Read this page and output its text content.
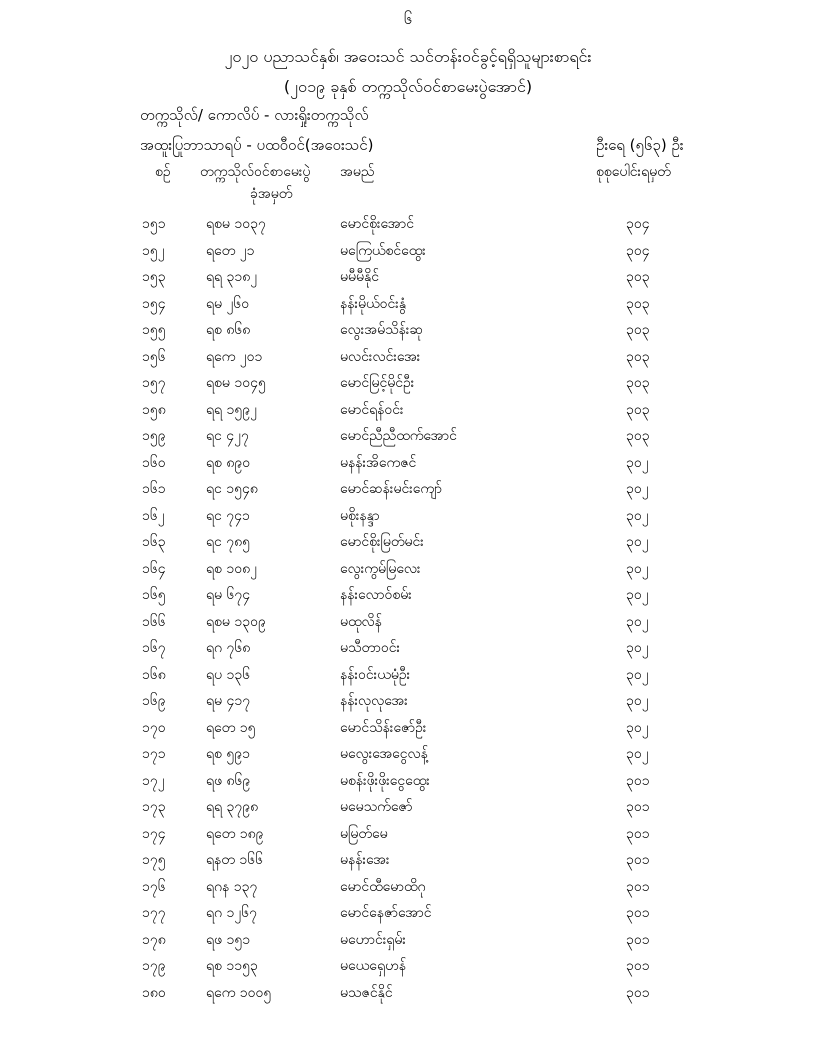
၆
၂၀၂၀ ပညာသင်နှစ်၊ အဝေးသင် သင်တန်းဝင်ခွင့်ရရှိသူများစာရင်း
(၂၀၁၉ ခုနှစ် တက္ကသိုလ်ဝင်စာမေးပွဲအောင်)
တက္ကသိုလ်/ ကောလိပ် - လားရှိုးတက္ကသိုလ်
အထူးပြုဘာသာရပ် - ပထဝီဝင်(အဝေးသင်)	ဦးရေ (၅၆၃) ဦး
စဉ် တက္ကသိုလ်ဝင်စာမေးပွဲ
ခုံအမှတ်
အမည်	စုစုပေါင်းရမှတ်
၁၅၁	ရစမ ၁၀၃၇	မောင်စိုးအောင်	၃၀၄
၁၅၂	ရတေ ၂၁	မကြေယ်စင်ထွေး	၃၀၄
၁၅၃	ရရ ၃၁၈၂	မမီမီနိုင်	၃၀၃
၁၅၄	ရမ ၂၆၀	နန်းမိုယ်ဝင်းနွံ	၃၀၃
၁၅၅	ရစ ၈၆၈	လွေးအမ်သိန်းဆု	၃၀၃
၁၅၆	ရကေ ၂၀၁	မလင်းလင်းအေး	၃၀၃
၁၅၇	ရစမ ၁၀၄၅	မောင်မြင့်မိုင်ဦး	၃၀၃
၁၅၈	ရရ ၁၅၉၂	မောင်ရန်ဝင်း	၃၀၃
၁၅၉	ရင ၄၂၇	မောင်ညီညီထက်အောင်	၃၀၃
၁၆၀	ရစ ၈၉၀	မနန်းအိကေဇင်	၃၀၂
၁၆၁	ရင ၁၅၄၈	မောင်ဆန်းမင်းကျော်	၃၀၂
၁၆၂	ရင ၇၄၁	မစိုးနန္ဒာ	၃၀၂
၁၆၃	ရင ၇၈၅	မောင်စိုးမြတ်မင်း	၃၀၂
၁၆၄	ရစ ၁၀၈၂	လွေးကွမ်မြလေး	၃၀၂
၁၆၅	ရမ ၆၇၄	နန်းလောဝ်စမ်း	၃၀၂
၁၆၆	ရစမ ၁၃၀၉	မထုလိန်	၃၀၂
၁၆၇	ရဂ ၇၆၈	မသီတာဝင်း	၃၀၂
၁၆၈	ရပ ၁၃၆	နန်းဝင်းယမုံဦး	၃၀၂
၁၆၉	ရမ ၄၁၇	နန်းလုလုအေး	၃၀၂
၁၇၀	ရတေ ၁၅	မောင်သိန်းဇော်ဦး	၃၀၂
၁၇၁	ရစ ၅၉၁	မလွေးအေငွေလန့်	၃၀၂
၁၇၂	ရဖ ၈၆၉	မစန်းဖိုးဖိုးငွေထွေး	၃၀၁
၁၇၃	ရရ ၃၇၉၈	မမေသက်ဇော်	၃၀၁
၁၇၄	ရတေ ၁၈၉	မမြတ်မေ	၃၀၁
၁၇၅	ရနတ ၁၆၆	မနန်းအေး	၃၀၁
၁၇၆	ရဂန ၁၃၇	မောင်ထီမောထိဂု	၃၀၁
၁၇၇	ရဂ ၁၂၆၇	မောင်နေဇာ်အောင်	၃၀၁
၁၇၈	ရဖ ၁၅၁	မဟောင်းရှမ်း	၃၀၁
၁၇၉	ရစ ၁၁၅၃	မယေရှေဟန်	၃၀၁
၁၈၀	ရကေ ၁၀၀၅	မသဇင်နိုင်	၃၀၁
